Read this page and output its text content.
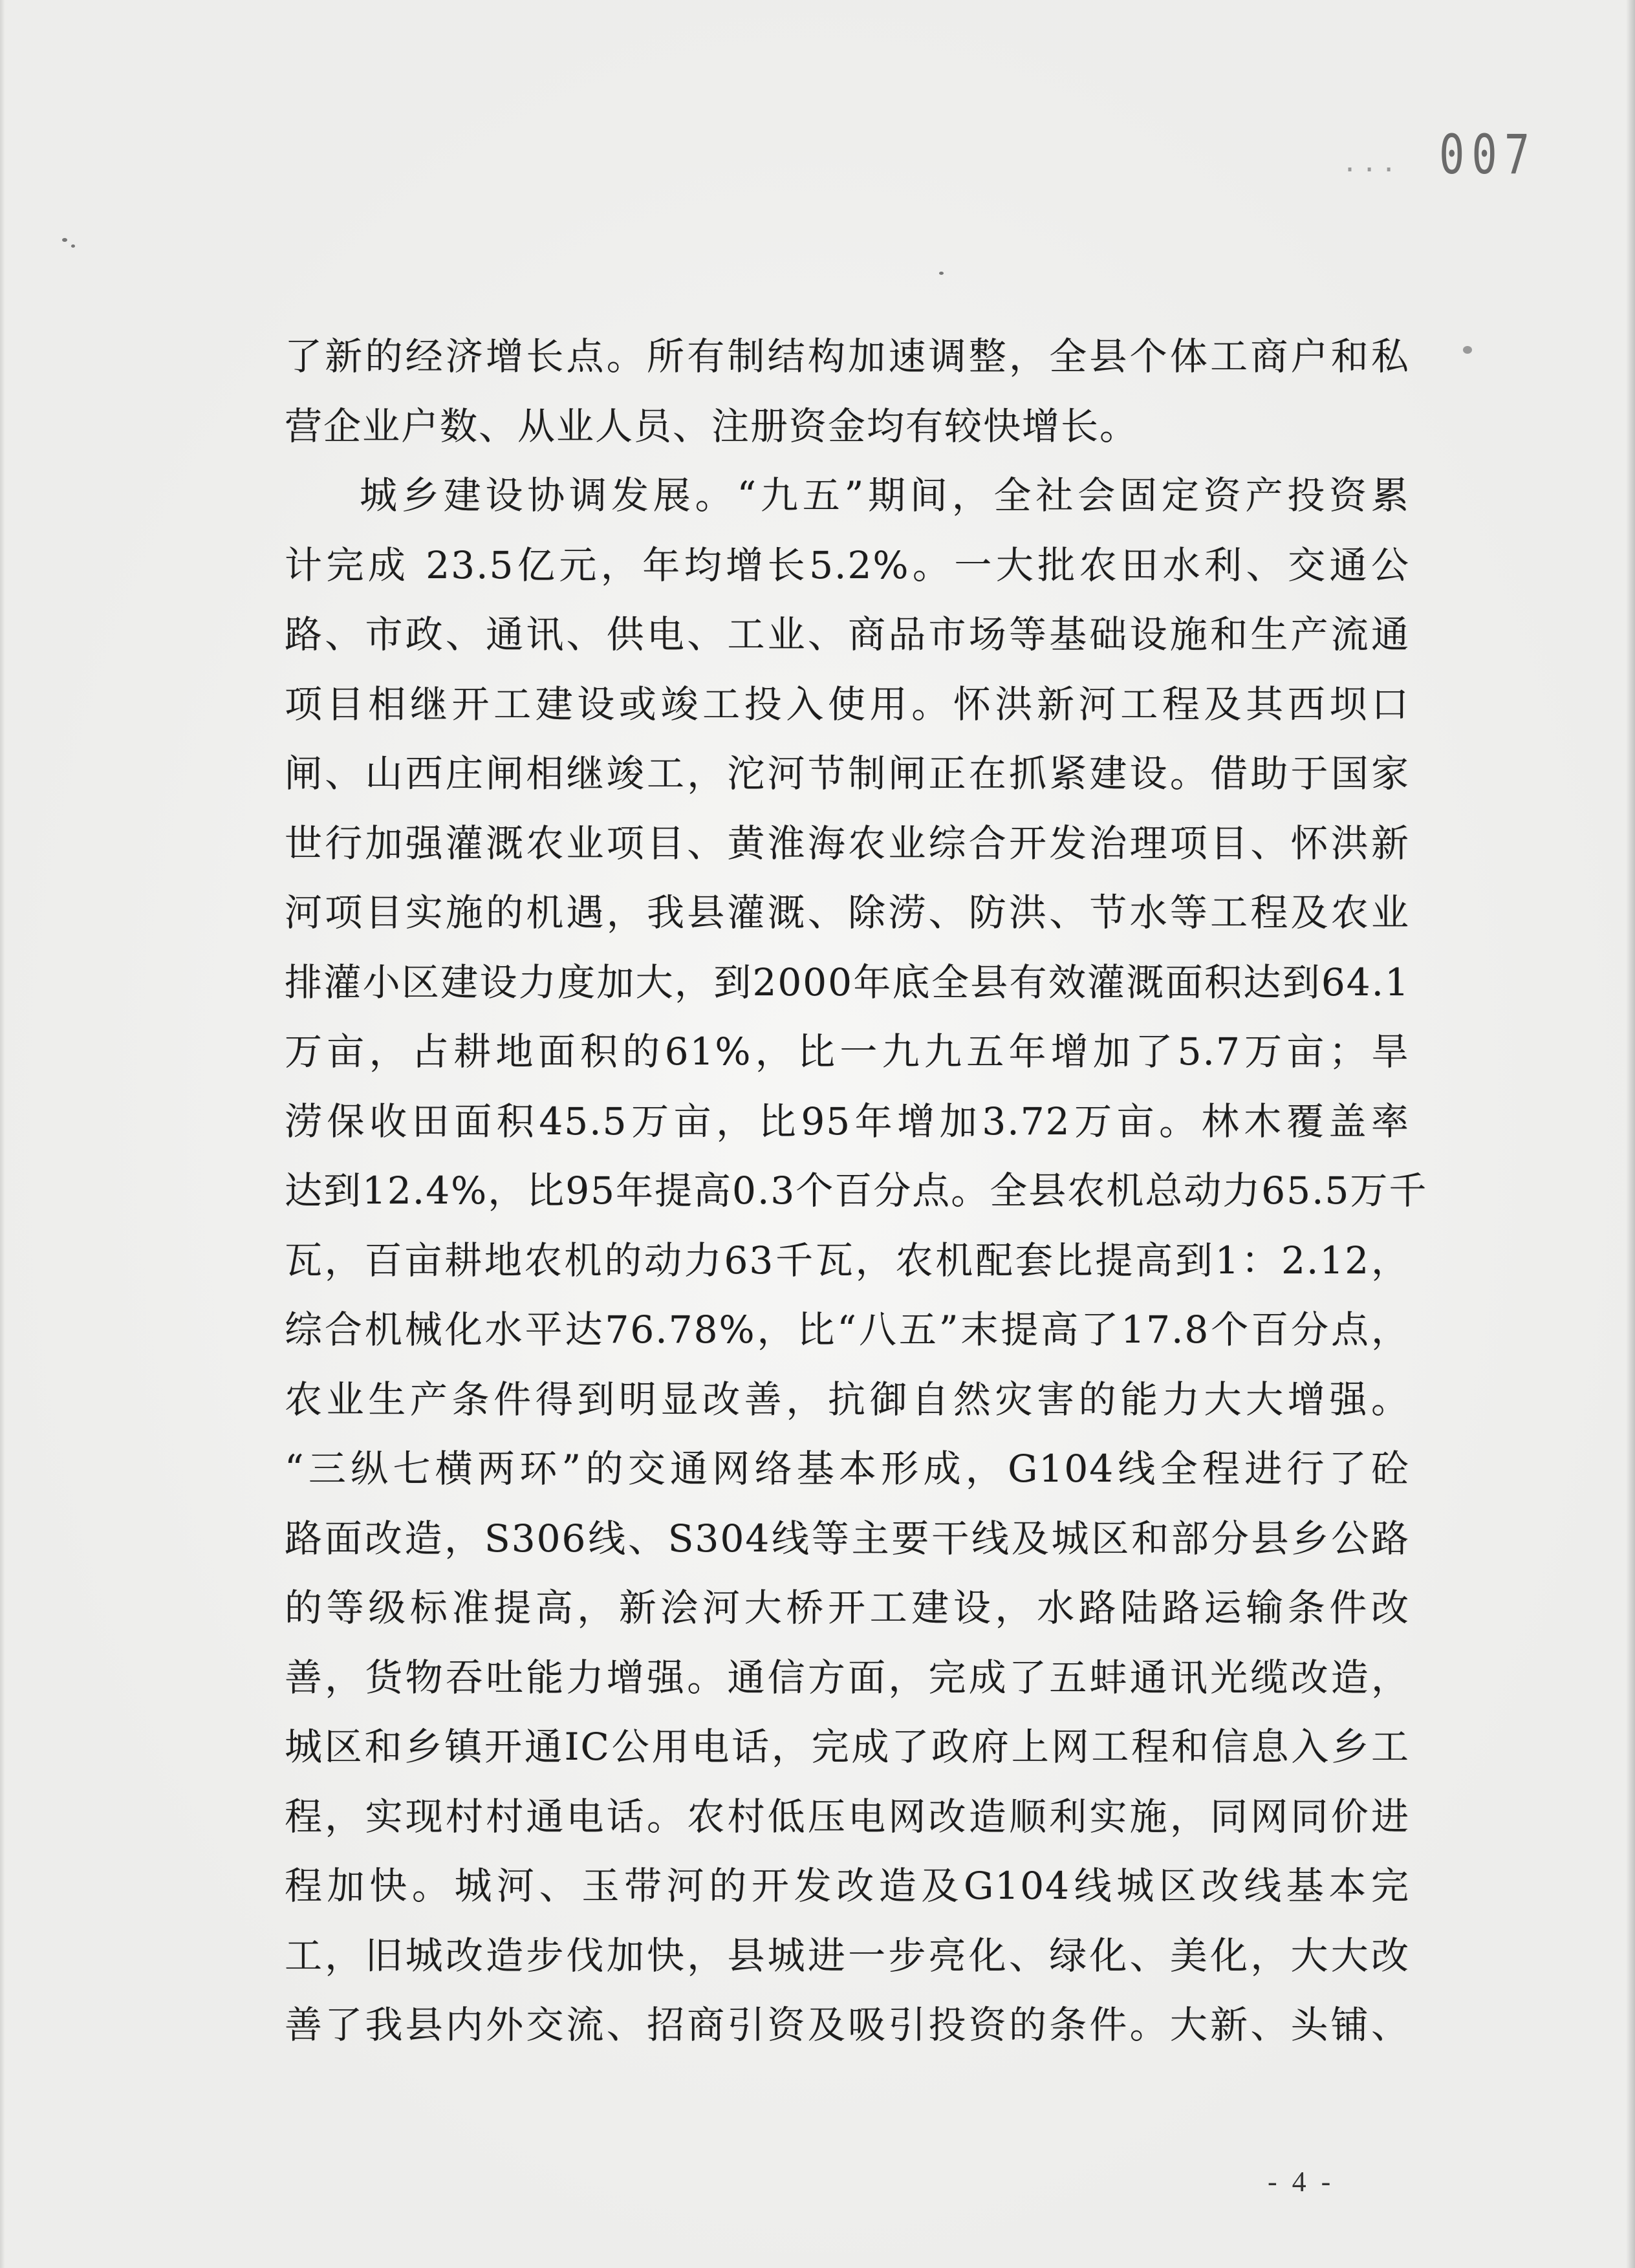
··· 007
了新的经济增长点。所有制结构加速调整，全县个体工商户和私
营企业户数、从业人员、注册资金均有较快增长。
城乡建设协调发展。“九五”期间，全社会固定资产投资累
计完成 23.5亿元，年均增长5.2%。一大批农田水利、交通公
路、市政、通讯、供电、工业、商品市场等基础设施和生产流通
项目相继开工建设或竣工投入使用。怀洪新河工程及其西坝口
闸、山西庄闸相继竣工，沱河节制闸正在抓紧建设。借助于国家
世行加强灌溉农业项目、黄淮海农业综合开发治理项目、怀洪新
河项目实施的机遇，我县灌溉、除涝、防洪、节水等工程及农业
排灌小区建设力度加大，到2000年底全县有效灌溉面积达到64.1
万亩，占耕地面积的61%，比一九九五年增加了5.7万亩；旱
涝保收田面积45.5万亩，比95年增加3.72万亩。林木覆盖率
达到12.4%，比95年提高0.3个百分点。全县农机总动力65.5万千
瓦，百亩耕地农机的动力63千瓦，农机配套比提高到1：2.12，
综合机械化水平达76.78%，比“八五”末提高了17.8个百分点，
农业生产条件得到明显改善，抗御自然灾害的能力大大增强。
“三纵七横两环”的交通网络基本形成，G104线全程进行了砼
路面改造，S306线、S304线等主要干线及城区和部分县乡公路
的等级标准提高，新浍河大桥开工建设，水路陆路运输条件改
善，货物吞吐能力增强。通信方面，完成了五蚌通讯光缆改造，
城区和乡镇开通IC公用电话，完成了政府上网工程和信息入乡工
程，实现村村通电话。农村低压电网改造顺利实施，同网同价进
程加快。城河、玉带河的开发改造及G104线城区改线基本完
工，旧城改造步伐加快，县城进一步亮化、绿化、美化，大大改
善了我县内外交流、招商引资及吸引投资的条件。大新、头铺、
- 4 -
